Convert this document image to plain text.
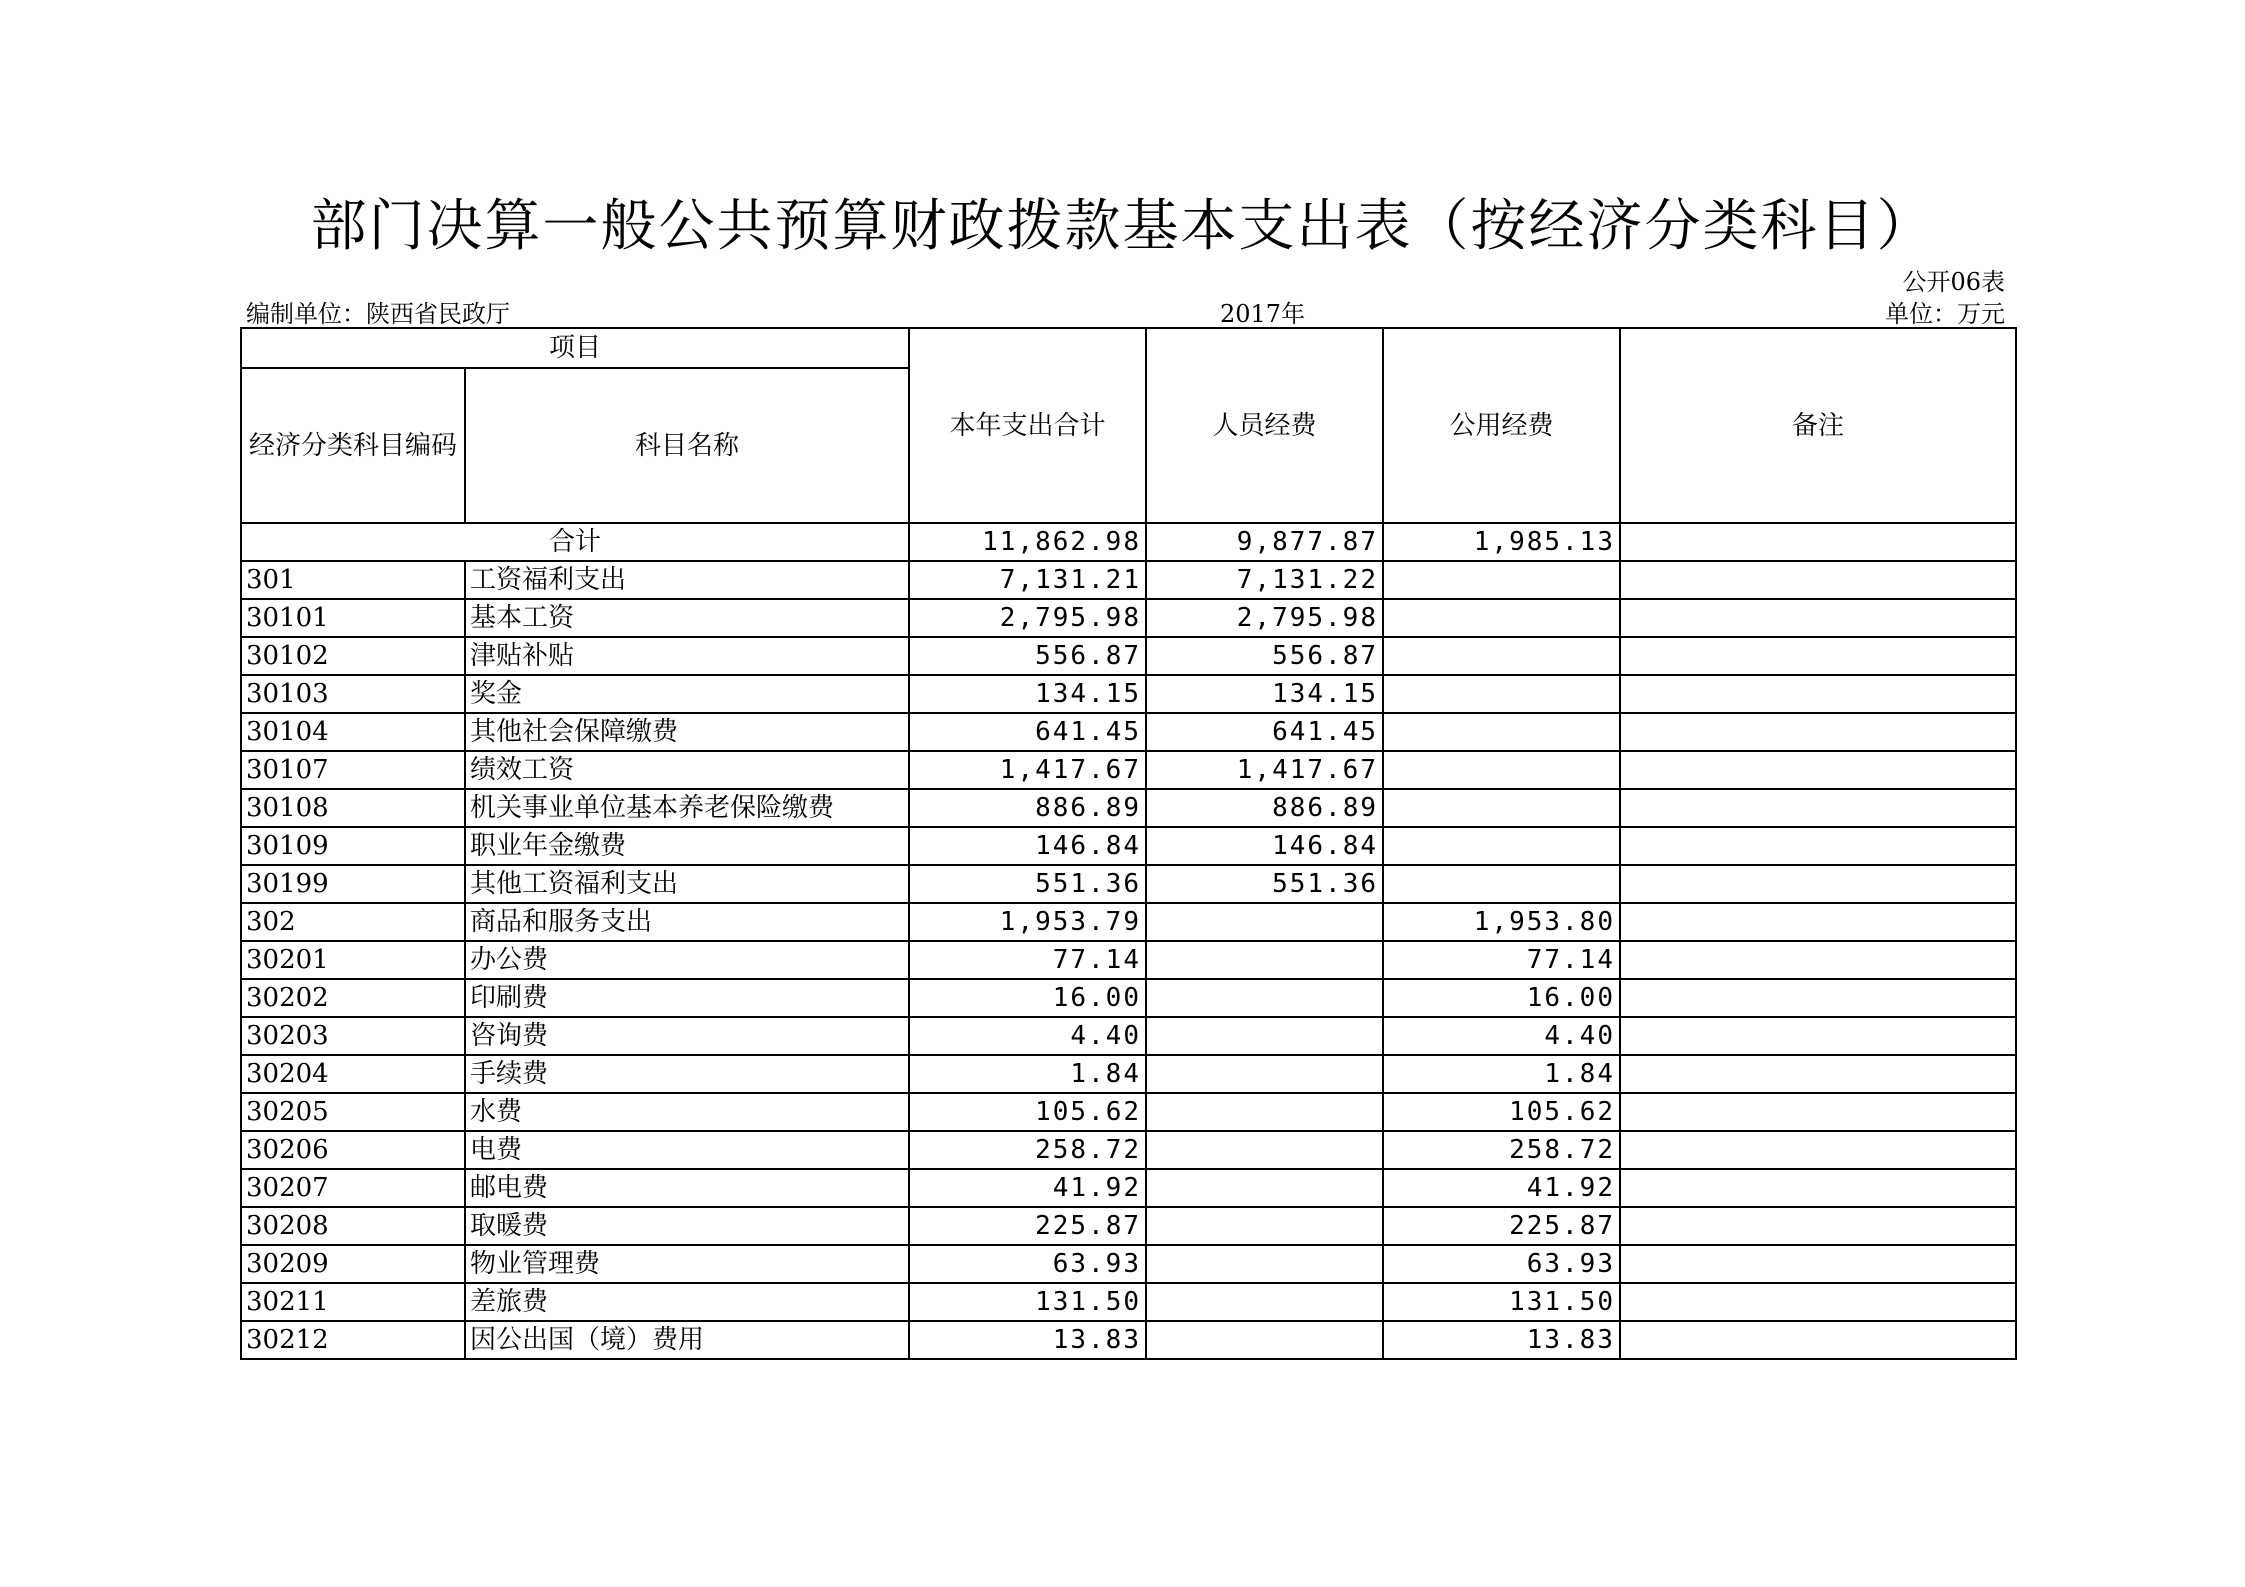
部门决算一般公共预算财政拨款基本支出表（按经济分类科目）
公开06表
编制单位：陕西省民政厅	2017年	单位：万元
项目		本年支出合计	人员经费	公用经费	备注
经济分类科目编码	科目名称				
合计		11,862.98	9,877.87	1,985.13	
301	工资福利支出	7,131.21	7,131.22		
30101	基本工资	2,795.98	2,795.98		
30102	津贴补贴	556.87	556.87		
30103	奖金	134.15	134.15		
30104	其他社会保障缴费	641.45	641.45		
30107	绩效工资	1,417.67	1,417.67		
30108	机关事业单位基本养老保险缴费	886.89	886.89		
30109	职业年金缴费	146.84	146.84		
30199	其他工资福利支出	551.36	551.36		
302	商品和服务支出	1,953.79		1,953.80	
30201	办公费	77.14		77.14	
30202	印刷费	16.00		16.00	
30203	咨询费	4.40		4.40	
30204	手续费	1.84		1.84	
30205	水费	105.62		105.62	
30206	电费	258.72		258.72	
30207	邮电费	41.92		41.92	
30208	取暖费	225.87		225.87	
30209	物业管理费	63.93		63.93	
30211	差旅费	131.50		131.50	
30212	因公出国（境）费用	13.83		13.83	
